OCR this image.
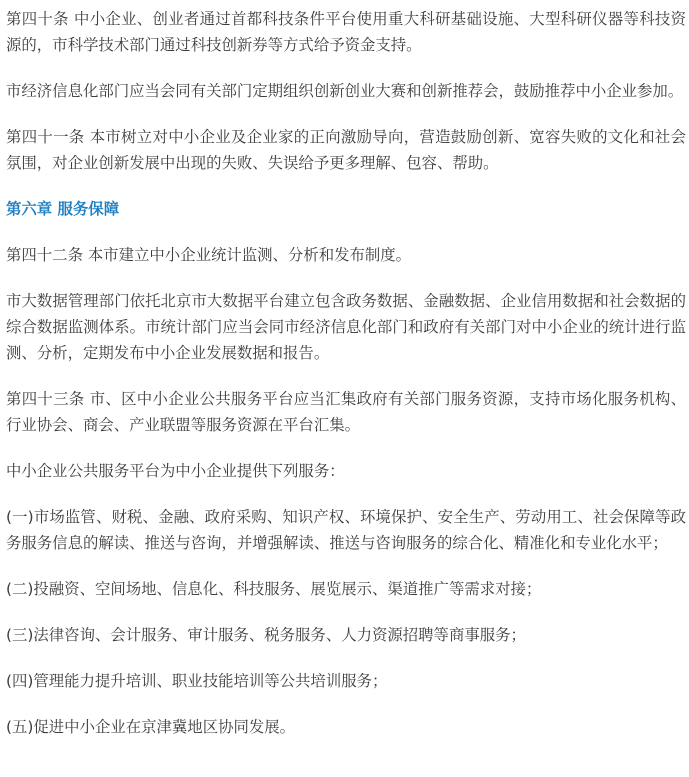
第四十条 中小企业、创业者通过首都科技条件平台使用重大科研基础设施、大型科研仪器等科技资源的，市科学技术部门通过科技创新券等方式给予资金支持。

市经济信息化部门应当会同有关部门定期组织创新创业大赛和创新推荐会，鼓励推荐中小企业参加。

第四十一条 本市树立对中小企业及企业家的正向激励导向，营造鼓励创新、宽容失败的文化和社会氛围，对企业创新发展中出现的失败、失误给予更多理解、包容、帮助。

第六章 服务保障

第四十二条 本市建立中小企业统计监测、分析和发布制度。

市大数据管理部门依托北京市大数据平台建立包含政务数据、金融数据、企业信用数据和社会数据的综合数据监测体系。市统计部门应当会同市经济信息化部门和政府有关部门对中小企业的统计进行监测、分析，定期发布中小企业发展数据和报告。

第四十三条 市、区中小企业公共服务平台应当汇集政府有关部门服务资源，支持市场化服务机构、行业协会、商会、产业联盟等服务资源在平台汇集。

中小企业公共服务平台为中小企业提供下列服务：

(一)市场监管、财税、金融、政府采购、知识产权、环境保护、安全生产、劳动用工、社会保障等政务服务信息的解读、推送与咨询，并增强解读、推送与咨询服务的综合化、精准化和专业化水平；

(二)投融资、空间场地、信息化、科技服务、展览展示、渠道推广等需求对接；

(三)法律咨询、会计服务、审计服务、税务服务、人力资源招聘等商事服务；

(四)管理能力提升培训、职业技能培训等公共培训服务；

(五)促进中小企业在京津冀地区协同发展。
